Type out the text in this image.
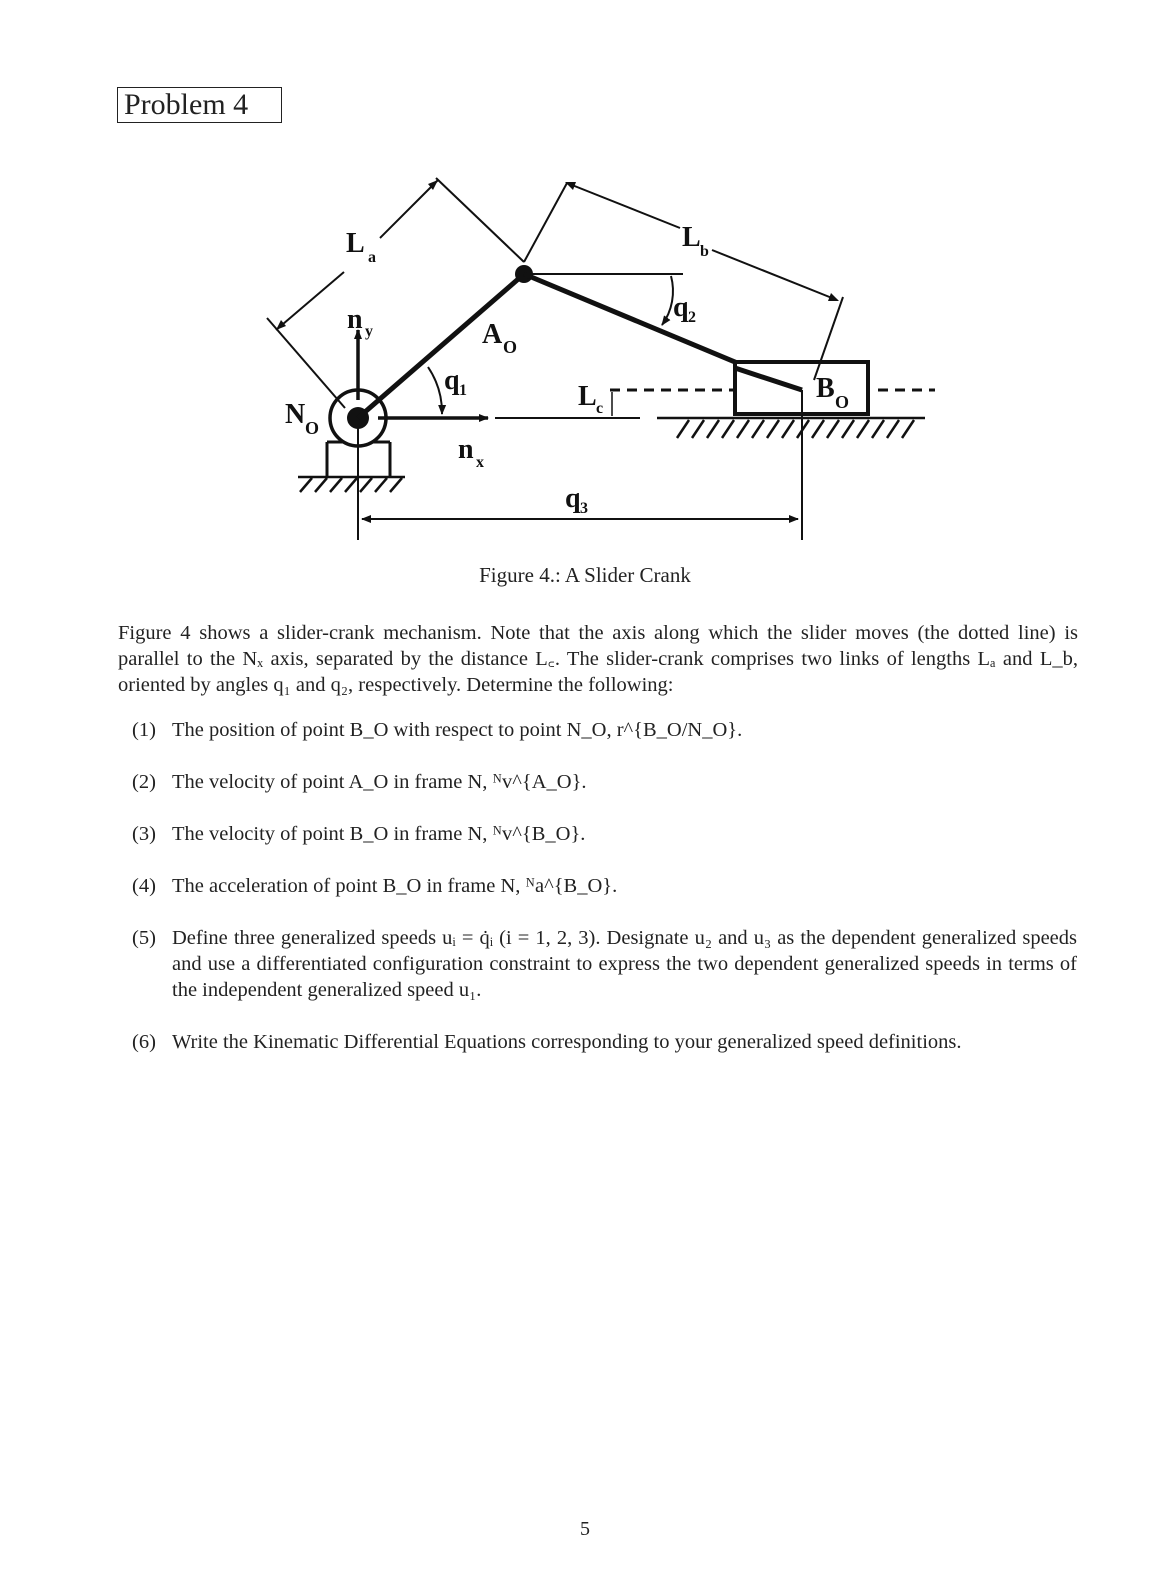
Problem 4
L a
L b
n y
n x
A O
B O
N O
L c
q 1
q 2
q 3
Figure 4.: A Slider Crank
Figure 4 shows a slider-crank mechanism. Note that the axis along which the slider moves (the dotted line) is parallel to the Nₓ axis, separated by the distance L꜀. The slider-crank comprises two links of lengths Lₐ and L_b, oriented by angles q₁ and q₂, respectively. Determine the following:
(1) The position of point B_O with respect to point N_O, r^{B_O/N_O}.
(2) The velocity of point A_O in frame N, ᴺv^{A_O}.
(3) The velocity of point B_O in frame N, ᴺv^{B_O}.
(4) The acceleration of point B_O in frame N, ᴺa^{B_O}.
(5) Define three generalized speeds uᵢ = q̇ᵢ (i = 1, 2, 3). Designate u₂ and u₃ as the dependent generalized speeds and use a differentiated configuration constraint to express the two dependent generalized speeds in terms of the independent generalized speed u₁.
(6) Write the Kinematic Differential Equations corresponding to your generalized speed definitions.
5
